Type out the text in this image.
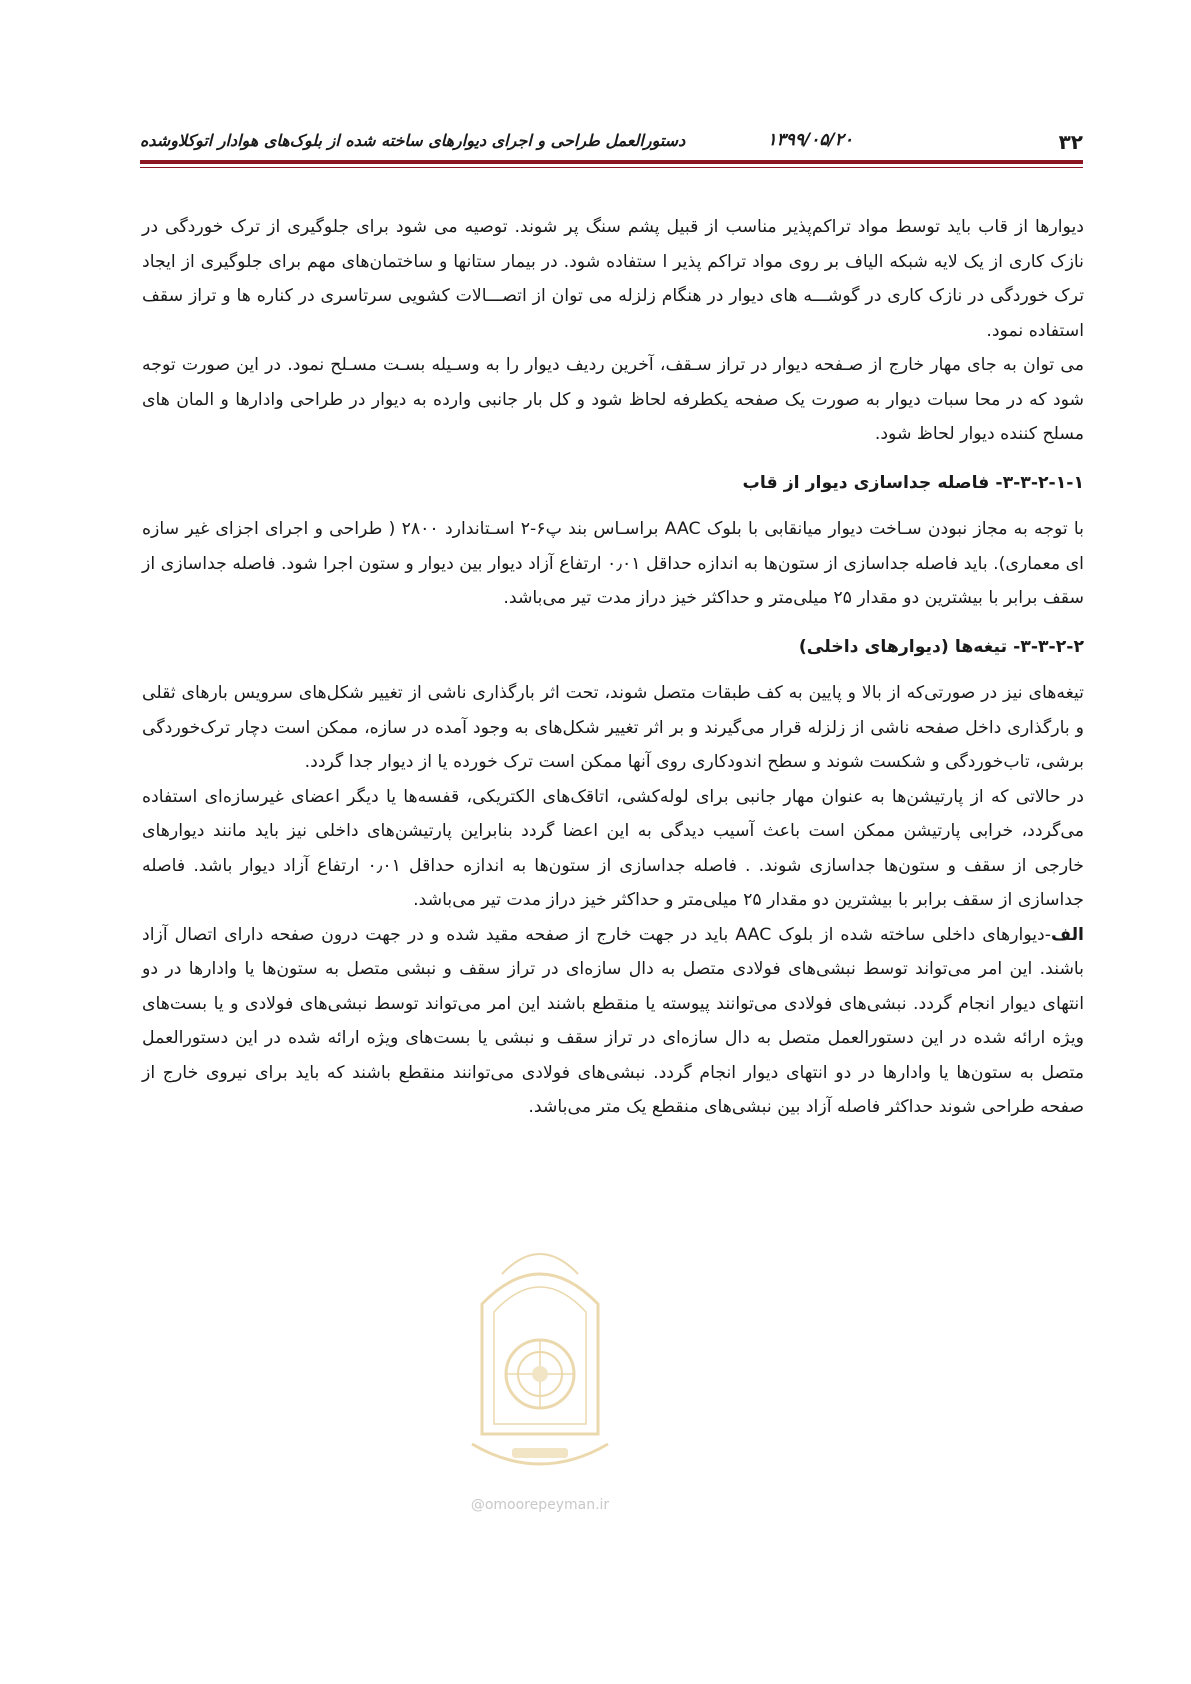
۳۲
۱۳۹۹/۰۵/۲۰
دستورالعمل طراحی و اجرای دیوارهای ساخته شده از بلوک‌های هوادار اتوکلاوشده
@omoorepeyman.ir

دیوارها از قاب باید توسط مواد تراکم‌پذیر مناسب از قبیل پشم سنگ پر شوند. توصیه می شود برای جلوگیری از ترک خوردگی در نازک کاری از یک لایه شبکه الیاف بر روی مواد تراکم پذیر ا ستفاده شود. در بیمار ستانها و ساختمان‌های مهم برای جلوگیری از ایجاد ترک خوردگی در نازک کاری در گوشـــه های دیوار در هنگام زلزله می توان از اتصـــالات کشویی سرتاسری در کناره ها و تراز سقف استفاده نمود.

می توان به جای مهار خارج از صـفحه دیوار در تراز سـقف، آخرین ردیف دیوار را به وسـیله بسـت مسـلح نمود. در این صورت توجه شود که در محا سبات دیوار به صورت یک صفحه یکطرفه لحاظ شود و کل بار جانبی وارده به دیوار در طراحی وادارها و المان های مسلح کننده دیوار لحاظ شود.

۳-۳-۲-۱-۱- فاصله جداسازی دیوار از قاب

با توجه به مجاز نبودن سـاخت دیوار میانقابی با بلوک AAC براسـاس بند پ۶-۲ اسـتاندارد ۲۸۰۰ ( طراحی و اجرای اجزای غیر سازه ای معماری). باید فاصله جداسازی از ستون‌ها به اندازه حداقل ۰٫۰۱ ارتفاع آزاد دیوار بین دیوار و ستون اجرا شود. فاصله جداسازی از سقف برابر با بیشترین دو مقدار ۲۵ میلی‌متر و حداکثر خیز دراز مدت تیر می‌باشد.

۳-۳-۲-۲- تیغه‌ها (دیوارهای داخلی)

تیغه‌های نیز در صورتی‌که از بالا و پایین به کف طبقات متصل شوند، تحت اثر بارگذاری ناشی از تغییر شکل‌های سرویس بارهای ثقلی و بارگذاری داخل صفحه ناشی از زلزله قرار می‌گیرند و بر اثر تغییر شکل‌های به وجود آمده در سازه، ممکن است دچار ترک‌خوردگی برشی، تاب‌خوردگی و شکست شوند و سطح اندودکاری روی آنها ممکن است ترک خورده یا از دیوار جدا گردد.

در حالاتی که از پارتیشن‌ها به عنوان مهار جانبی برای لوله‌کشی، اتاقک‌های الکتریکی، قفسه‌ها یا دیگر اعضای غیرسازه‌ای استفاده می‌گردد، خرابی پارتیشن ممکن است باعث آسیب دیدگی به این اعضا گردد بنابراین پارتیشن‌های داخلی نیز باید مانند دیوارهای خارجی از سقف و ستون‌ها جداسازی شوند. . فاصله جداسازی از ستون‌ها به اندازه حداقل ۰٫۰۱ ارتفاع آزاد دیوار باشد. فاصله جداسازی از سقف برابر با بیشترین دو مقدار ۲۵ میلی‌متر و حداکثر خیز دراز مدت تیر می‌باشد.

الف-دیوارهای داخلی ساخته شده از بلوک AAC باید در جهت خارج از صفحه مقید شده و در جهت درون صفحه دارای اتصال آزاد باشند. این امر می‌تواند توسط نبشی‌های فولادی متصل به دال سازه‌ای در تراز سقف و نبشی متصل به ستون‌ها یا وادارها در دو انتهای دیوار انجام گردد. نبشی‌های فولادی می‌توانند پیوسته یا منقطع باشند این امر می‌تواند توسط نبشی‌های فولادی و یا بست‌های ویژه ارائه شده در این دستورالعمل متصل به دال سازه‌ای در تراز سقف و نبشی یا بست‌های ویژه ارائه شده در این دستورالعمل متصل به ستون‌ها یا وادارها در دو انتهای دیوار انجام گردد. نبشی‌های فولادی می‌توانند منقطع باشند که باید برای نیروی خارج از صفحه طراحی شوند حداکثر فاصله آزاد بین نبشی‌های منقطع یک متر می‌باشد.
